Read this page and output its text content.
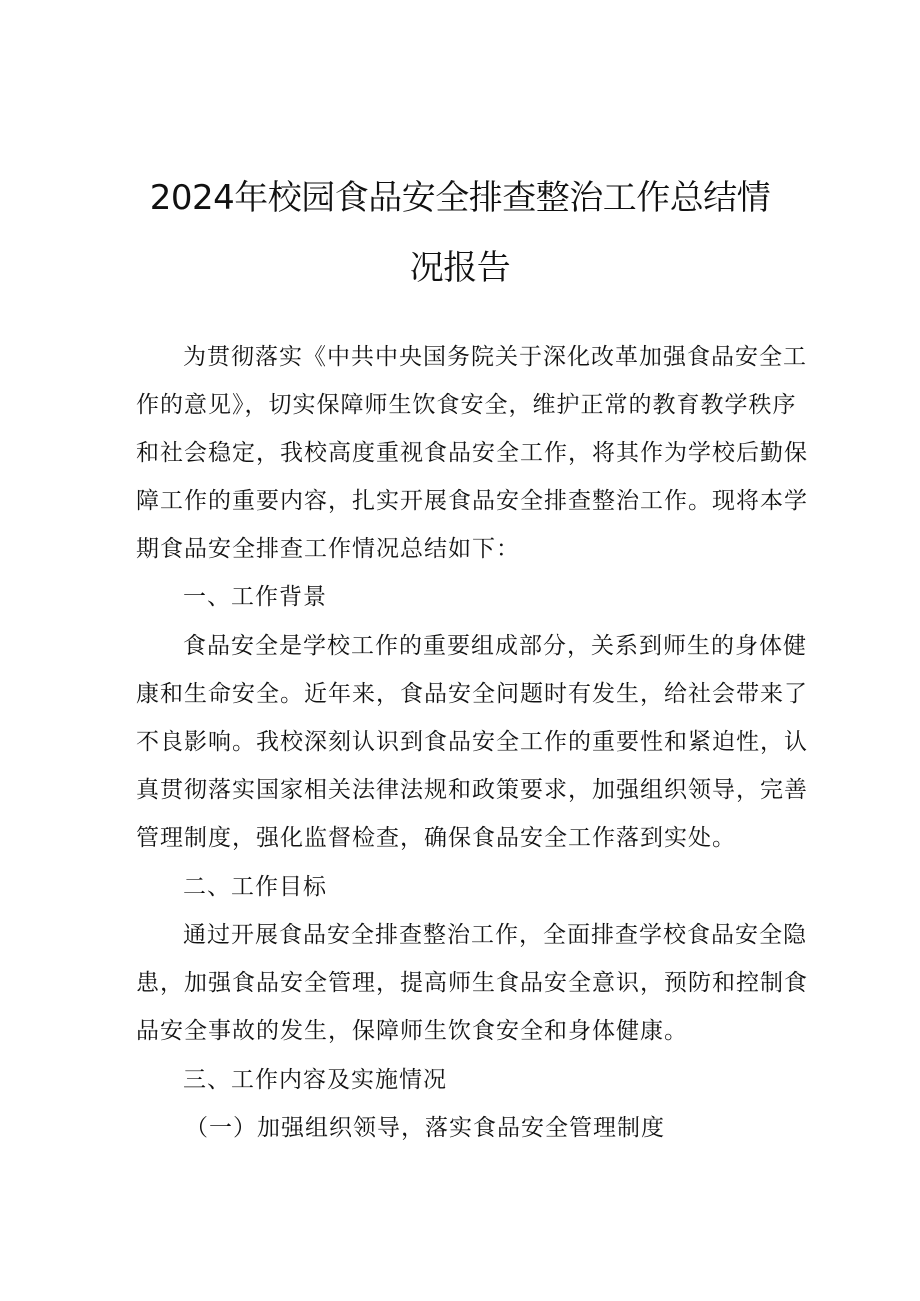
2024年校园食品安全排查整治工作总结情
况报告
为贯彻落实《中共中央国务院关于深化改革加强食品安全工
作的意见》，切实保障师生饮食安全，维护正常的教育教学秩序
和社会稳定，我校高度重视食品安全工作，将其作为学校后勤保
障工作的重要内容，扎实开展食品安全排查整治工作。现将本学
期食品安全排查工作情况总结如下：
一、工作背景
食品安全是学校工作的重要组成部分，关系到师生的身体健
康和生命安全。近年来，食品安全问题时有发生，给社会带来了
不良影响。我校深刻认识到食品安全工作的重要性和紧迫性，认
真贯彻落实国家相关法律法规和政策要求，加强组织领导，完善
管理制度，强化监督检查，确保食品安全工作落到实处。
二、工作目标
通过开展食品安全排查整治工作，全面排查学校食品安全隐
患，加强食品安全管理，提高师生食品安全意识，预防和控制食
品安全事故的发生，保障师生饮食安全和身体健康。
三、工作内容及实施情况
（一）加强组织领导，落实食品安全管理制度
